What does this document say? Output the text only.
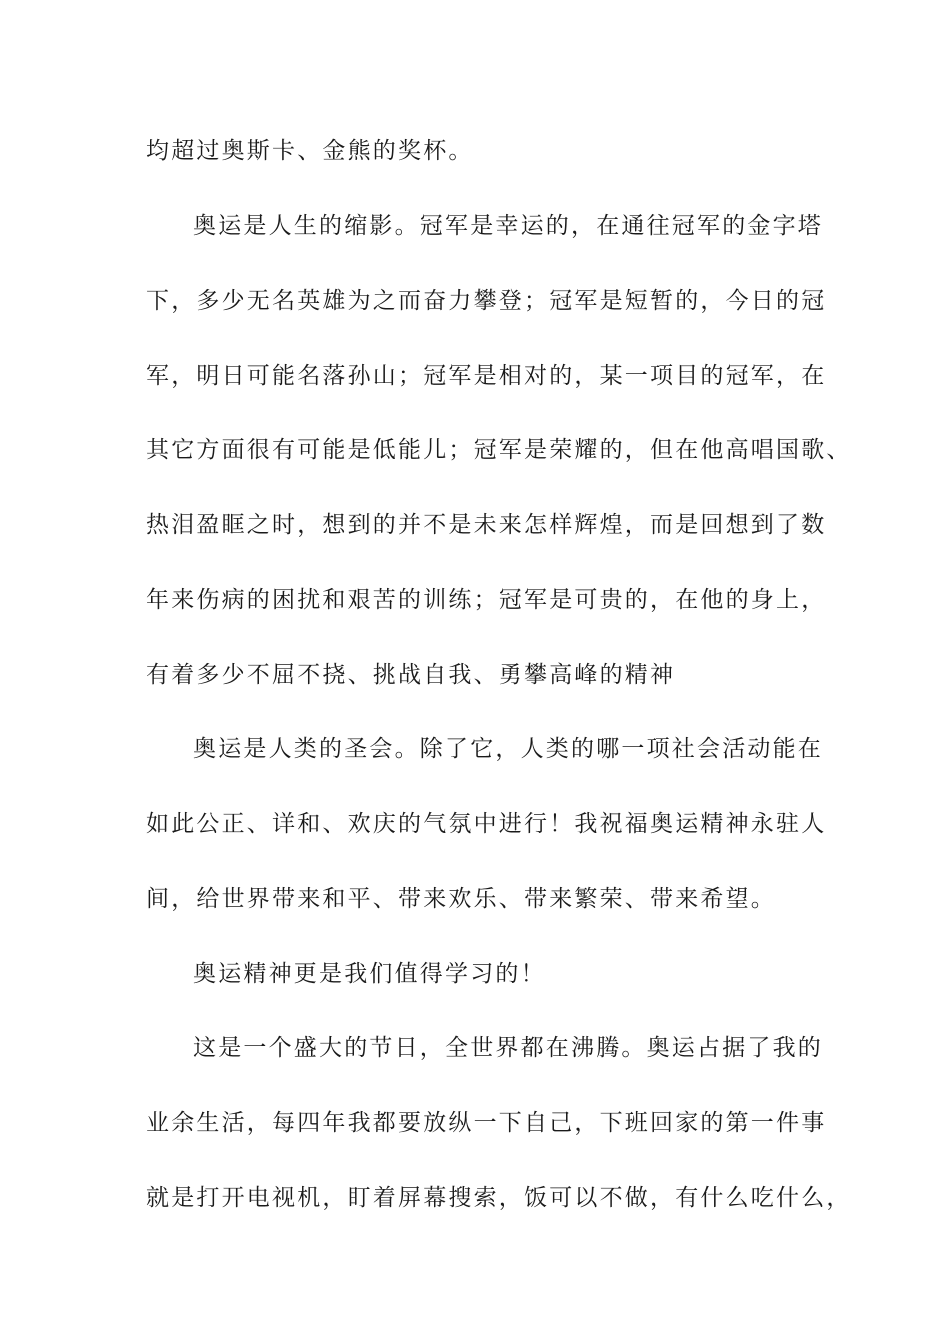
均超过奥斯卡、金熊的奖杯。
奥运是人生的缩影。冠军是幸运的，在通往冠军的金字塔
下，多少无名英雄为之而奋力攀登；冠军是短暂的，今日的冠
军，明日可能名落孙山；冠军是相对的，某一项目的冠军，在
其它方面很有可能是低能儿；冠军是荣耀的，但在他高唱国歌、
热泪盈眶之时，想到的并不是未来怎样辉煌，而是回想到了数
年来伤病的困扰和艰苦的训练；冠军是可贵的，在他的身上，
有着多少不屈不挠、挑战自我、勇攀高峰的精神
奥运是人类的圣会。除了它，人类的哪一项社会活动能在
如此公正、详和、欢庆的气氛中进行！我祝福奥运精神永驻人
间，给世界带来和平、带来欢乐、带来繁荣、带来希望。
奥运精神更是我们值得学习的！
这是一个盛大的节日，全世界都在沸腾。奥运占据了我的
业余生活，每四年我都要放纵一下自己，下班回家的第一件事
就是打开电视机，盯着屏幕搜索，饭可以不做，有什么吃什么，
